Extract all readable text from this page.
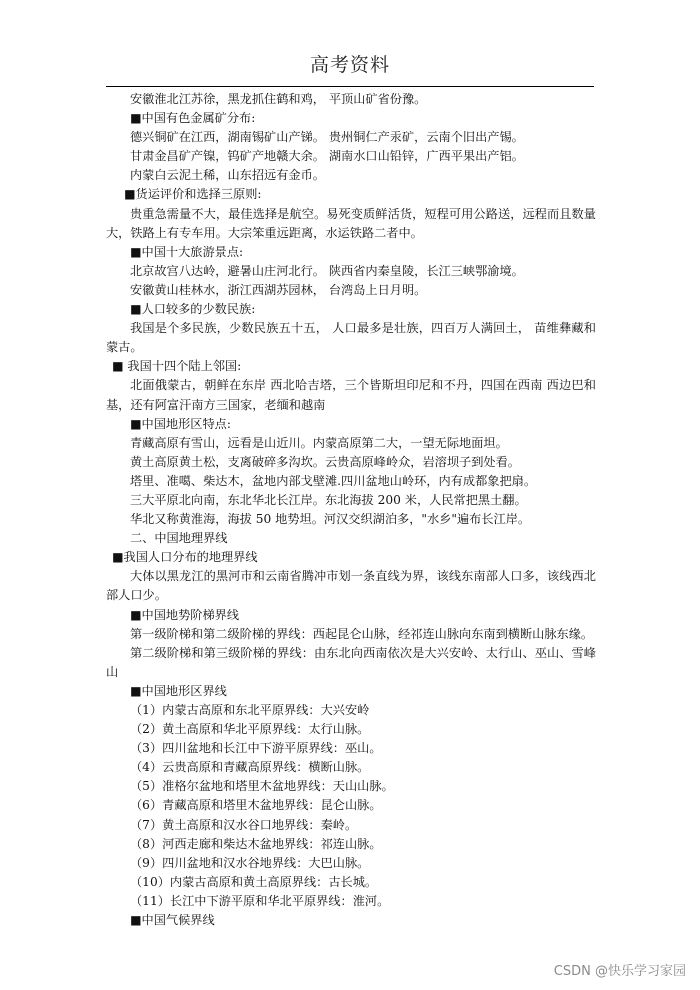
高考资料

安徽淮北江苏徐，黑龙抓住鹤和鸡， 平顶山矿省份豫。

■中国有色金属矿分布:

德兴铜矿在江西，湖南锡矿山产锑。 贵州铜仁产汞矿，云南个旧出产锡。

甘肃金昌矿产镍，钨矿产地赣大余。 湖南水口山铅锌，广西平果出产铝。

内蒙白云泥土稀，山东招远有金币。

■货运评价和选择三原则:

贵重急需量不大，最佳选择是航空。易死变质鲜活货，短程可用公路送，远程而且数量大，铁路上有专车用。大宗笨重远距离，水运铁路二者中。

■中国十大旅游景点:

北京故宫八达岭，避暑山庄河北行。 陕西省内秦皇陵，长江三峡鄂渝境。

安徽黄山桂林水，浙江西湖苏园林， 台湾岛上日月明。

■人口较多的少数民族:

我国是个多民族，少数民族五十五， 人口最多是壮族，四百万人满回土， 苗维彝藏和蒙古。

■ 我国十四个陆上邻国:

北面俄蒙古，朝鲜在东岸 西北哈吉塔，三个皆斯坦印尼和不丹，四国在西南 西边巴和基，还有阿富汗南方三国家，老缅和越南

■中国地形区特点:

青藏高原有雪山，远看是山近川。内蒙高原第二大，一望无际地面坦。

黄土高原黄土松，支离破碎多沟坎。云贵高原峰岭众，岩溶坝子到处看。

塔里、准噶、柴达木，盆地内部戈壁滩.四川盆地山岭环，内有成都象把扇。

三大平原北向南，东北华北长江岸。东北海拔 200 米，人民常把黑土翻。

华北又称黄淮海，海拔 50 地势坦。河汉交织湖泊多，"水乡"遍布长江岸。

二、中国地理界线

■我国人口分布的地理界线

大体以黑龙江的黑河市和云南省腾冲市划一条直线为界，该线东南部人口多，该线西北部人口少。

■中国地势阶梯界线

第一级阶梯和第二级阶梯的界线：西起昆仑山脉，经祁连山脉向东南到横断山脉东缘。

第二级阶梯和第三级阶梯的界线：由东北向西南依次是大兴安岭、太行山、巫山、雪峰山

■中国地形区界线

（1）内蒙古高原和东北平原界线：大兴安岭

（2）黄土高原和华北平原界线：太行山脉。

（3）四川盆地和长江中下游平原界线：巫山。

（4）云贵高原和青藏高原界线：横断山脉。

（5）准格尔盆地和塔里木盆地界线：天山山脉。

（6）青藏高原和塔里木盆地界线：昆仑山脉。

（7）黄土高原和汉水谷口地界线：秦岭。

（8）河西走廊和柴达木盆地界线：祁连山脉。

（9）四川盆地和汉水谷地界线：大巴山脉。

（10）内蒙古高原和黄土高原界线：古长城。

（11）长江中下游平原和华北平原界线：淮河。

■中国气候界线

CSDN @快乐学习家园
